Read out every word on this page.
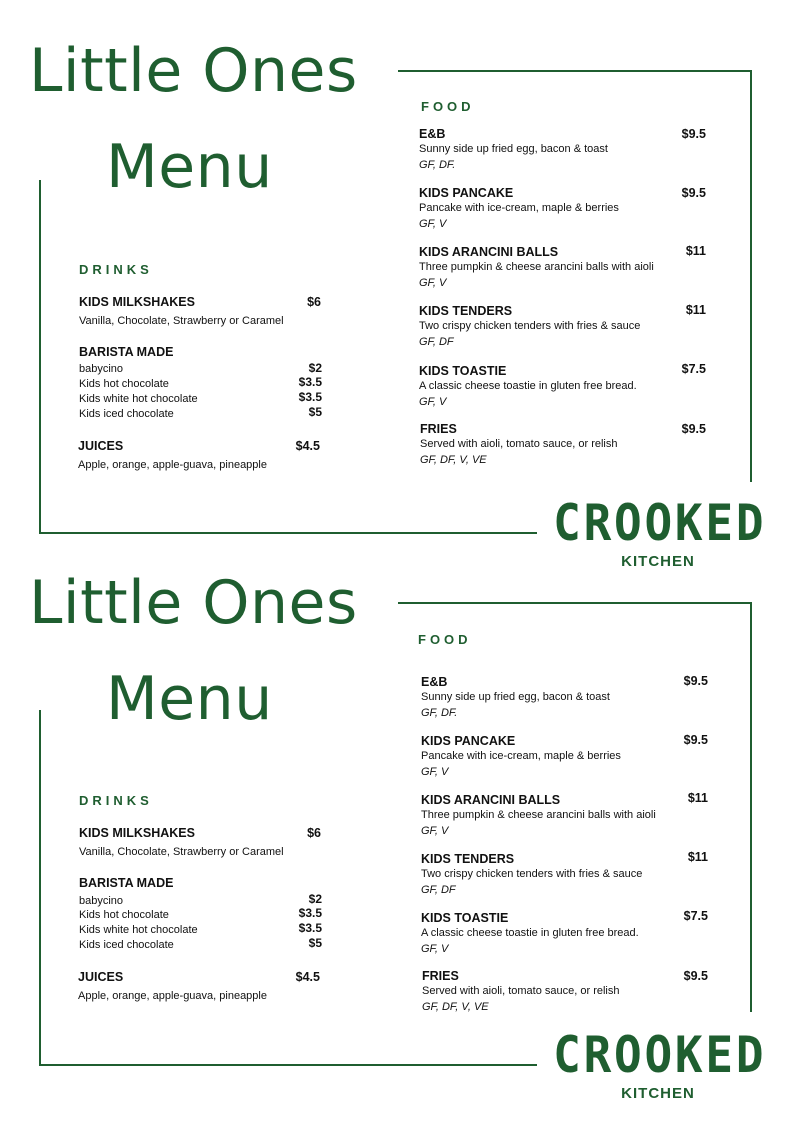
Little Ones
Menu
DRINKS
KIDS MILKSHAKES	$6
Vanilla, Chocolate, Strawberry or Caramel
BARISTA MADE
babycino	$2
Kids hot chocolate	$3.5
Kids white hot chocolate	$3.5
Kids iced chocolate	$5
JUICES	$4.5
Apple, orange, apple-guava, pineapple
FOOD
E&B	$9.5
Sunny side up fried egg, bacon & toast
GF, DF.
KIDS PANCAKE	$9.5
Pancake with ice-cream, maple & berries
GF, V
KIDS ARANCINI BALLS	$11
Three pumpkin & cheese arancini balls with aioli
GF, V
KIDS TENDERS	$11
Two crispy chicken tenders with fries & sauce
GF, DF
KIDS TOASTIE	$7.5
A classic cheese toastie in gluten free bread.
GF, V
FRIES	$9.5
Served with aioli, tomato sauce, or relish
GF, DF, V, VE
CROOKED
KITCHEN
Little Ones
Menu
DRINKS
KIDS MILKSHAKES	$6
Vanilla, Chocolate, Strawberry or Caramel
BARISTA MADE
babycino	$2
Kids hot chocolate	$3.5
Kids white hot chocolate	$3.5
Kids iced chocolate	$5
JUICES	$4.5
Apple, orange, apple-guava, pineapple
FOOD
E&B	$9.5
Sunny side up fried egg, bacon & toast
GF, DF.
KIDS PANCAKE	$9.5
Pancake with ice-cream, maple & berries
GF, V
KIDS ARANCINI BALLS	$11
Three pumpkin & cheese arancini balls with aioli
GF, V
KIDS TENDERS	$11
Two crispy chicken tenders with fries & sauce
GF, DF
KIDS TOASTIE	$7.5
A classic cheese toastie in gluten free bread.
GF, V
FRIES	$9.5
Served with aioli, tomato sauce, or relish
GF, DF, V, VE
CROOKED
KITCHEN
